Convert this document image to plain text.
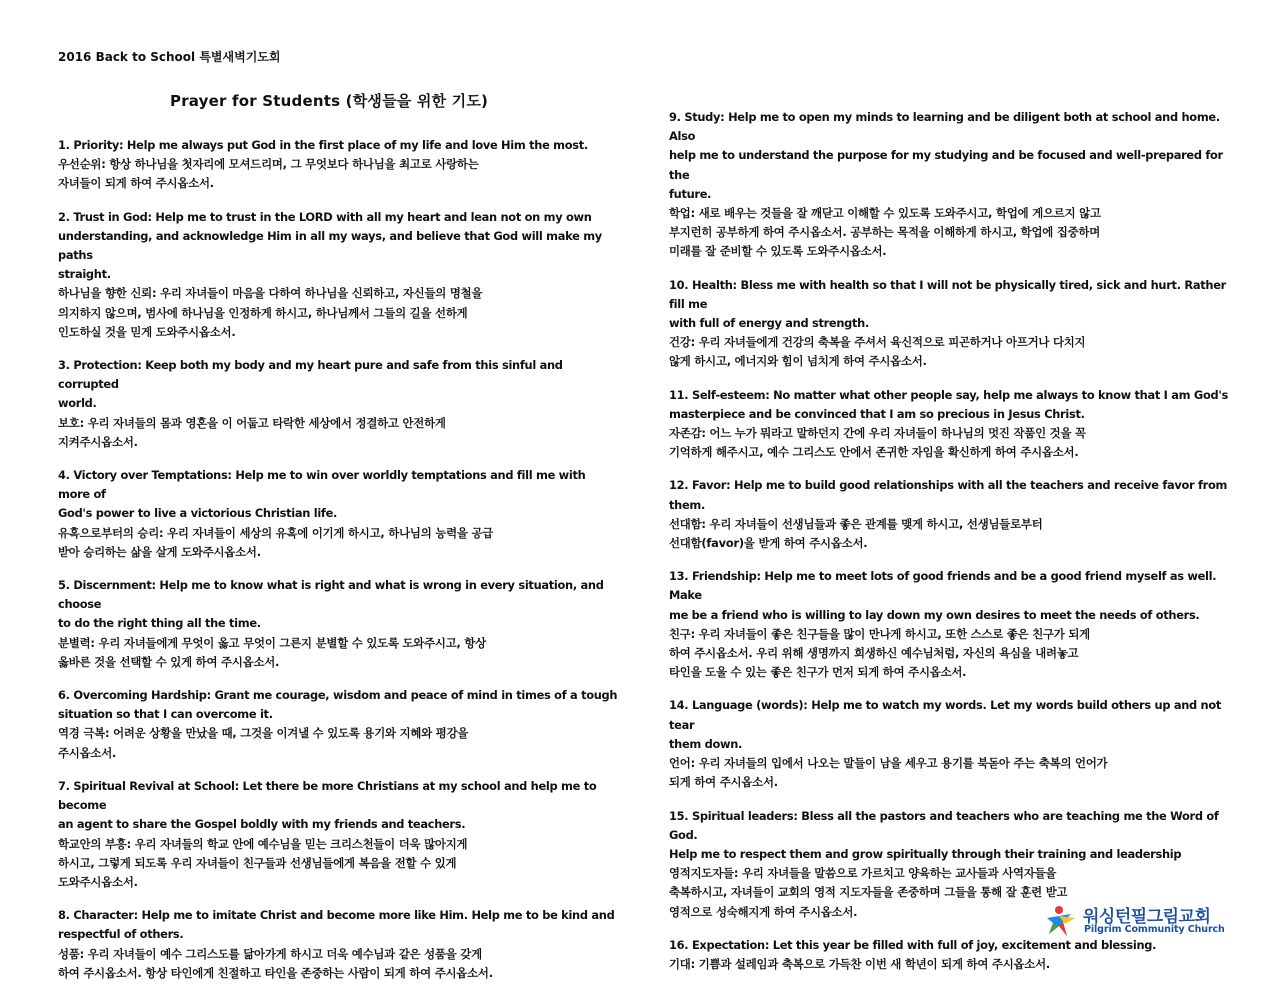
2016 Back to School 특별새벽기도회
Prayer for Students (학생들을 위한 기도)
1. Priority: Help me always put God in the first place of my life and love Him the most.
우선순위: 항상 하나님을 첫자리에 모셔드리며, 그 무엇보다 하나님을 최고로 사랑하는
자녀들이 되게 하여 주시옵소서.
2. Trust in God: Help me to trust in the LORD with all my heart and lean not on my own
understanding, and acknowledge Him in all my ways, and believe that God will make my paths
straight.
하나님을 향한 신뢰: 우리 자녀들이 마음을 다하여 하나님을 신뢰하고, 자신들의 명철을
의지하지 않으며, 범사에 하나님을 인정하게 하시고, 하나님께서 그들의 길을 선하게
인도하실 것을 믿게 도와주시옵소서.
3. Protection: Keep both my body and my heart pure and safe from this sinful and corrupted
world.
보호: 우리 자녀들의 몸과 영혼을 이 어둡고 타락한 세상에서 정결하고 안전하게
지켜주시옵소서.
4. Victory over Temptations: Help me to win over worldly temptations and fill me with more of
God's power to live a victorious Christian life.
유혹으로부터의 승리: 우리 자녀들이 세상의 유혹에 이기게 하시고, 하나님의 능력을 공급
받아 승리하는 삶을 살게 도와주시옵소서.
5. Discernment: Help me to know what is right and what is wrong in every situation, and choose
to do the right thing all the time.
분별력: 우리 자녀들에게 무엇이 옳고 무엇이 그른지 분별할 수 있도록 도와주시고, 항상
옳바른 것을 선택할 수 있게 하여 주시옵소서.
6. Overcoming Hardship: Grant me courage, wisdom and peace of mind in times of a tough
situation so that I can overcome it.
역경 극복: 어려운 상황을 만났을 때, 그것을 이겨낼 수 있도록 용기와 지혜와 평강을
주시옵소서.
7. Spiritual Revival at School: Let there be more Christians at my school and help me to become
an agent to share the Gospel boldly with my friends and teachers.
학교안의 부흥: 우리 자녀들의 학교 안에 예수님을 믿는 크리스천들이 더욱 많아지게
하시고, 그렇게 되도록 우리 자녀들이 친구들과 선생님들에게 복음을 전할 수 있게
도와주시옵소서.
8. Character: Help me to imitate Christ and become more like Him. Help me to be kind and
respectful of others.
성품: 우리 자녀들이 예수 그리스도를 닮아가게 하시고 더욱 예수님과 같은 성품을 갖게
하여 주시옵소서. 항상 타인에게 친절하고 타인을 존중하는 사람이 되게 하여 주시옵소서.
9. Study: Help me to open my minds to learning and be diligent both at school and home. Also
help me to understand the purpose for my studying and be focused and well-prepared for the
future.
학업: 새로 배우는 것들을 잘 깨닫고 이해할 수 있도록 도와주시고, 학업에 게으르지 않고
부지런히 공부하게 하여 주시옵소서. 공부하는 목적을 이해하게 하시고, 학업에 집중하며
미래를 잘 준비할 수 있도록 도와주시옵소서.
10. Health: Bless me with health so that I will not be physically tired, sick and hurt. Rather fill me
with full of energy and strength.
건강: 우리 자녀들에게 건강의 축복을 주셔서 육신적으로 피곤하거나 아프거나 다치지
않게 하시고, 에너지와 힘이 넘치게 하여 주시옵소서.
11. Self-esteem: No matter what other people say, help me always to know that I am God's
masterpiece and be convinced that I am so precious in Jesus Christ.
자존감: 어느 누가 뭐라고 말하던지 간에 우리 자녀들이 하나님의 멋진 작품인 것을 꼭
기억하게 해주시고, 예수 그리스도 안에서 존귀한 자임을 확신하게 하여 주시옵소서.
12. Favor: Help me to build good relationships with all the teachers and receive favor from them.
선대함: 우리 자녀들이 선생님들과 좋은 관계를 맺게 하시고, 선생님들로부터
선대함(favor)을 받게 하여 주시옵소서.
13. Friendship: Help me to meet lots of good friends and be a good friend myself as well. Make
me be a friend who is willing to lay down my own desires to meet the needs of others.
친구: 우리 자녀들이 좋은 친구들을 많이 만나게 하시고, 또한 스스로 좋은 친구가 되게
하여 주시옵소서. 우리 위해 생명까지 희생하신 예수님처럼, 자신의 욕심을 내려놓고
타인을 도울 수 있는 좋은 친구가 먼저 되게 하여 주시옵소서.
14. Language (words): Help me to watch my words. Let my words build others up and not tear
them down.
언어: 우리 자녀들의 입에서 나오는 말들이 남을 세우고 용기를 북돋아 주는 축복의 언어가
되게 하여 주시옵소서.
15. Spiritual leaders: Bless all the pastors and teachers who are teaching me the Word of God.
Help me to respect them and grow spiritually through their training and leadership
영적지도자들: 우리 자녀들을 말씀으로 가르치고 양육하는 교사들과 사역자들을
축복하시고, 자녀들이 교회의 영적 지도자들을 존중하며 그들을 통해 잘 훈련 받고
영적으로 성숙해지게 하여 주시옵소서.
16. Expectation: Let this year be filled with full of joy, excitement and blessing.
기대: 기쁨과 설레임과 축복으로 가득찬 이번 새 학년이 되게 하여 주시옵소서.
워싱턴필그림교회
Pilgrim Community Church
